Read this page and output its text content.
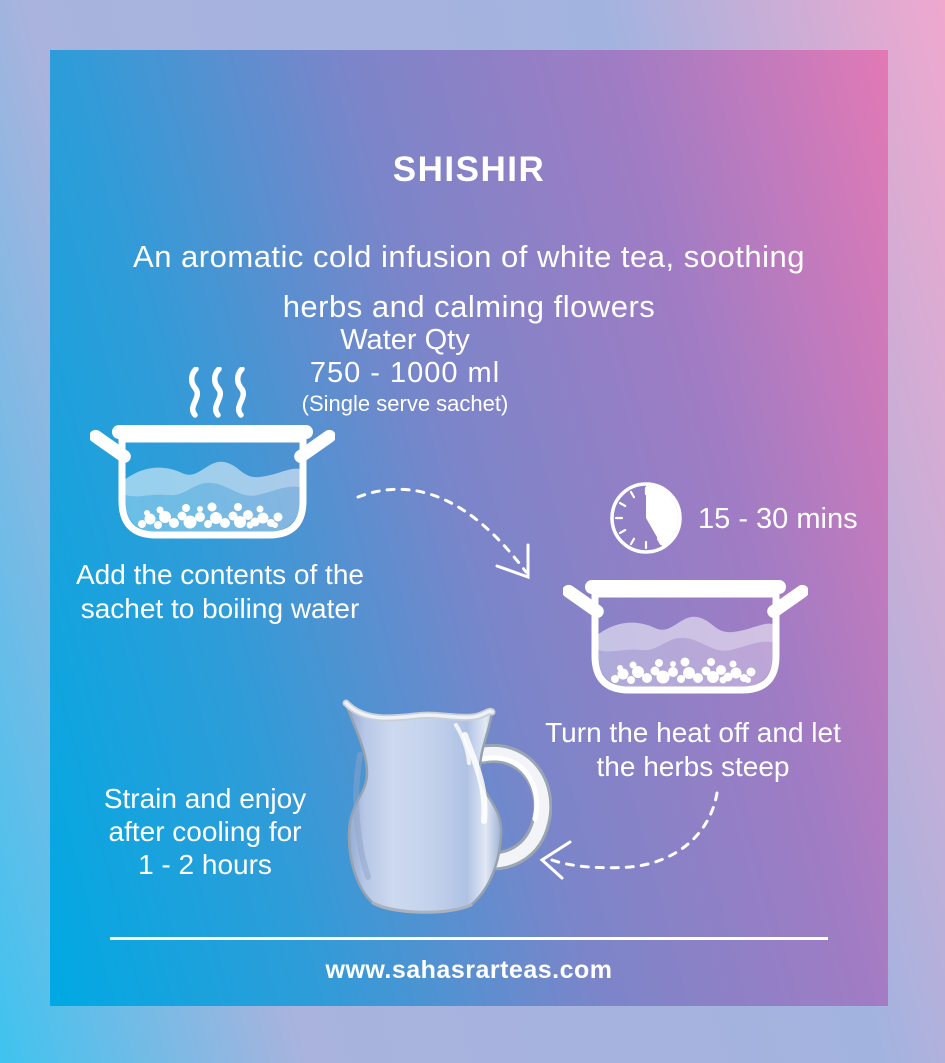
SHISHIR
An aromatic cold infusion of white tea, soothing
herbs and calming flowers
Water Qty
750 - 1000 ml
(Single serve sachet)
Add the contents of the
sachet to boiling water
15 - 30 mins
Turn the heat off and let
the herbs steep
Strain and enjoy
after cooling for
1 - 2 hours
www.sahasrarteas.com
